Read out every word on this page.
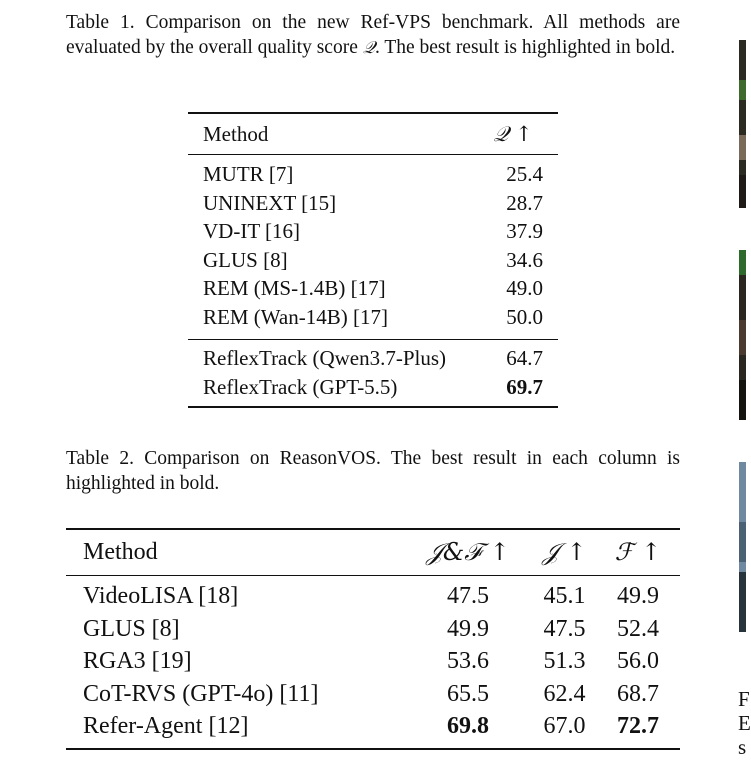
Table 1. Comparison on the new Ref-VPS benchmark. All methods are evaluated by the overall quality score 𝒬. The best result is highlighted in bold.
Method	𝒬 ↑
MUTR [7]	25.4
UNINEXT [15]	28.7
VD-IT [16]	37.9
GLUS [8]	34.6
REM (MS-1.4B) [17]	49.0
REM (Wan-14B) [17]	50.0
ReflexTrack (Qwen3.7-Plus)	64.7
ReflexTrack (GPT-5.5)	69.7
Table 2. Comparison on ReasonVOS. The best result in each column is highlighted in bold.
Method	𝒥&ℱ ↑	𝒥 ↑	ℱ ↑
VideoLISA [18]	47.5	45.1	49.9
GLUS [8]	49.9	47.5	52.4
RGA3 [19]	53.6	51.3	56.0
CoT-RVS (GPT-4o) [11]	65.5	62.4	68.7
Refer-Agent [12]	69.8	67.0	72.7
F
E
s
